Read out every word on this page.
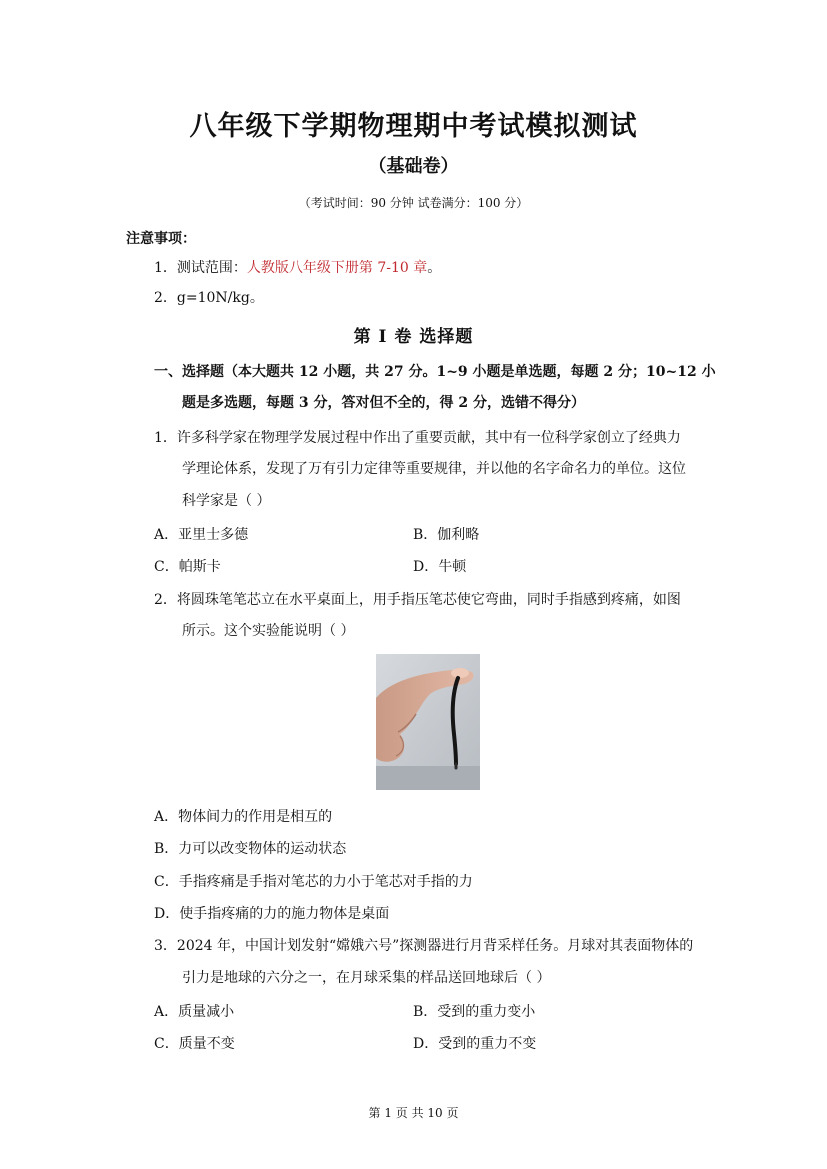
八年级下学期物理期中考试模拟测试
（基础卷）
（考试时间：90 分钟 试卷满分：100 分）
注意事项：
1．测试范围：人教版八年级下册第 7-10 章。
2．g=10N/kg。
第 I 卷 选择题
一、选择题（本大题共 12 小题，共 27 分。1~9 小题是单选题，每题 2 分；10~12 小
题是多选题，每题 3 分，答对但不全的，得 2 分，选错不得分）
1．许多科学家在物理学发展过程中作出了重要贡献，其中有一位科学家创立了经典力
学理论体系，发现了万有引力定律等重要规律，并以他的名字命名力的单位。这位
科学家是（ ）
A．亚里士多德	B．伽利略
C．帕斯卡	D．牛顿
2．将圆珠笔笔芯立在水平桌面上，用手指压笔芯使它弯曲，同时手指感到疼痛，如图
所示。这个实验能说明（ ）
A．物体间力的作用是相互的
B．力可以改变物体的运动状态
C．手指疼痛是手指对笔芯的力小于笔芯对手指的力
D．使手指疼痛的力的施力物体是桌面
3．2024 年，中国计划发射“嫦娥六号”探测器进行月背采样任务。月球对其表面物体的
引力是地球的六分之一，在月球采集的样品送回地球后（ ）
A．质量减小	B．受到的重力变小
C．质量不变	D．受到的重力不变
第 1 页 共 10 页
